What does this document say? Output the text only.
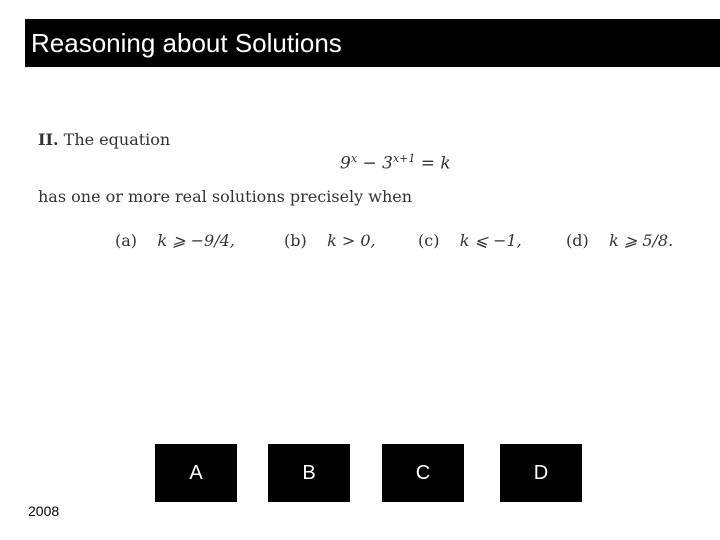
Reasoning about Solutions
II. The equation
$9^x - 3^{x+1} = k$
has one or more real solutions precisely when
(a) k ⩾ −9/4,	(b) k > 0,	(c) k ⩽ −1,	(d) k ⩾ 5/8.
A	B	C	D
2008
